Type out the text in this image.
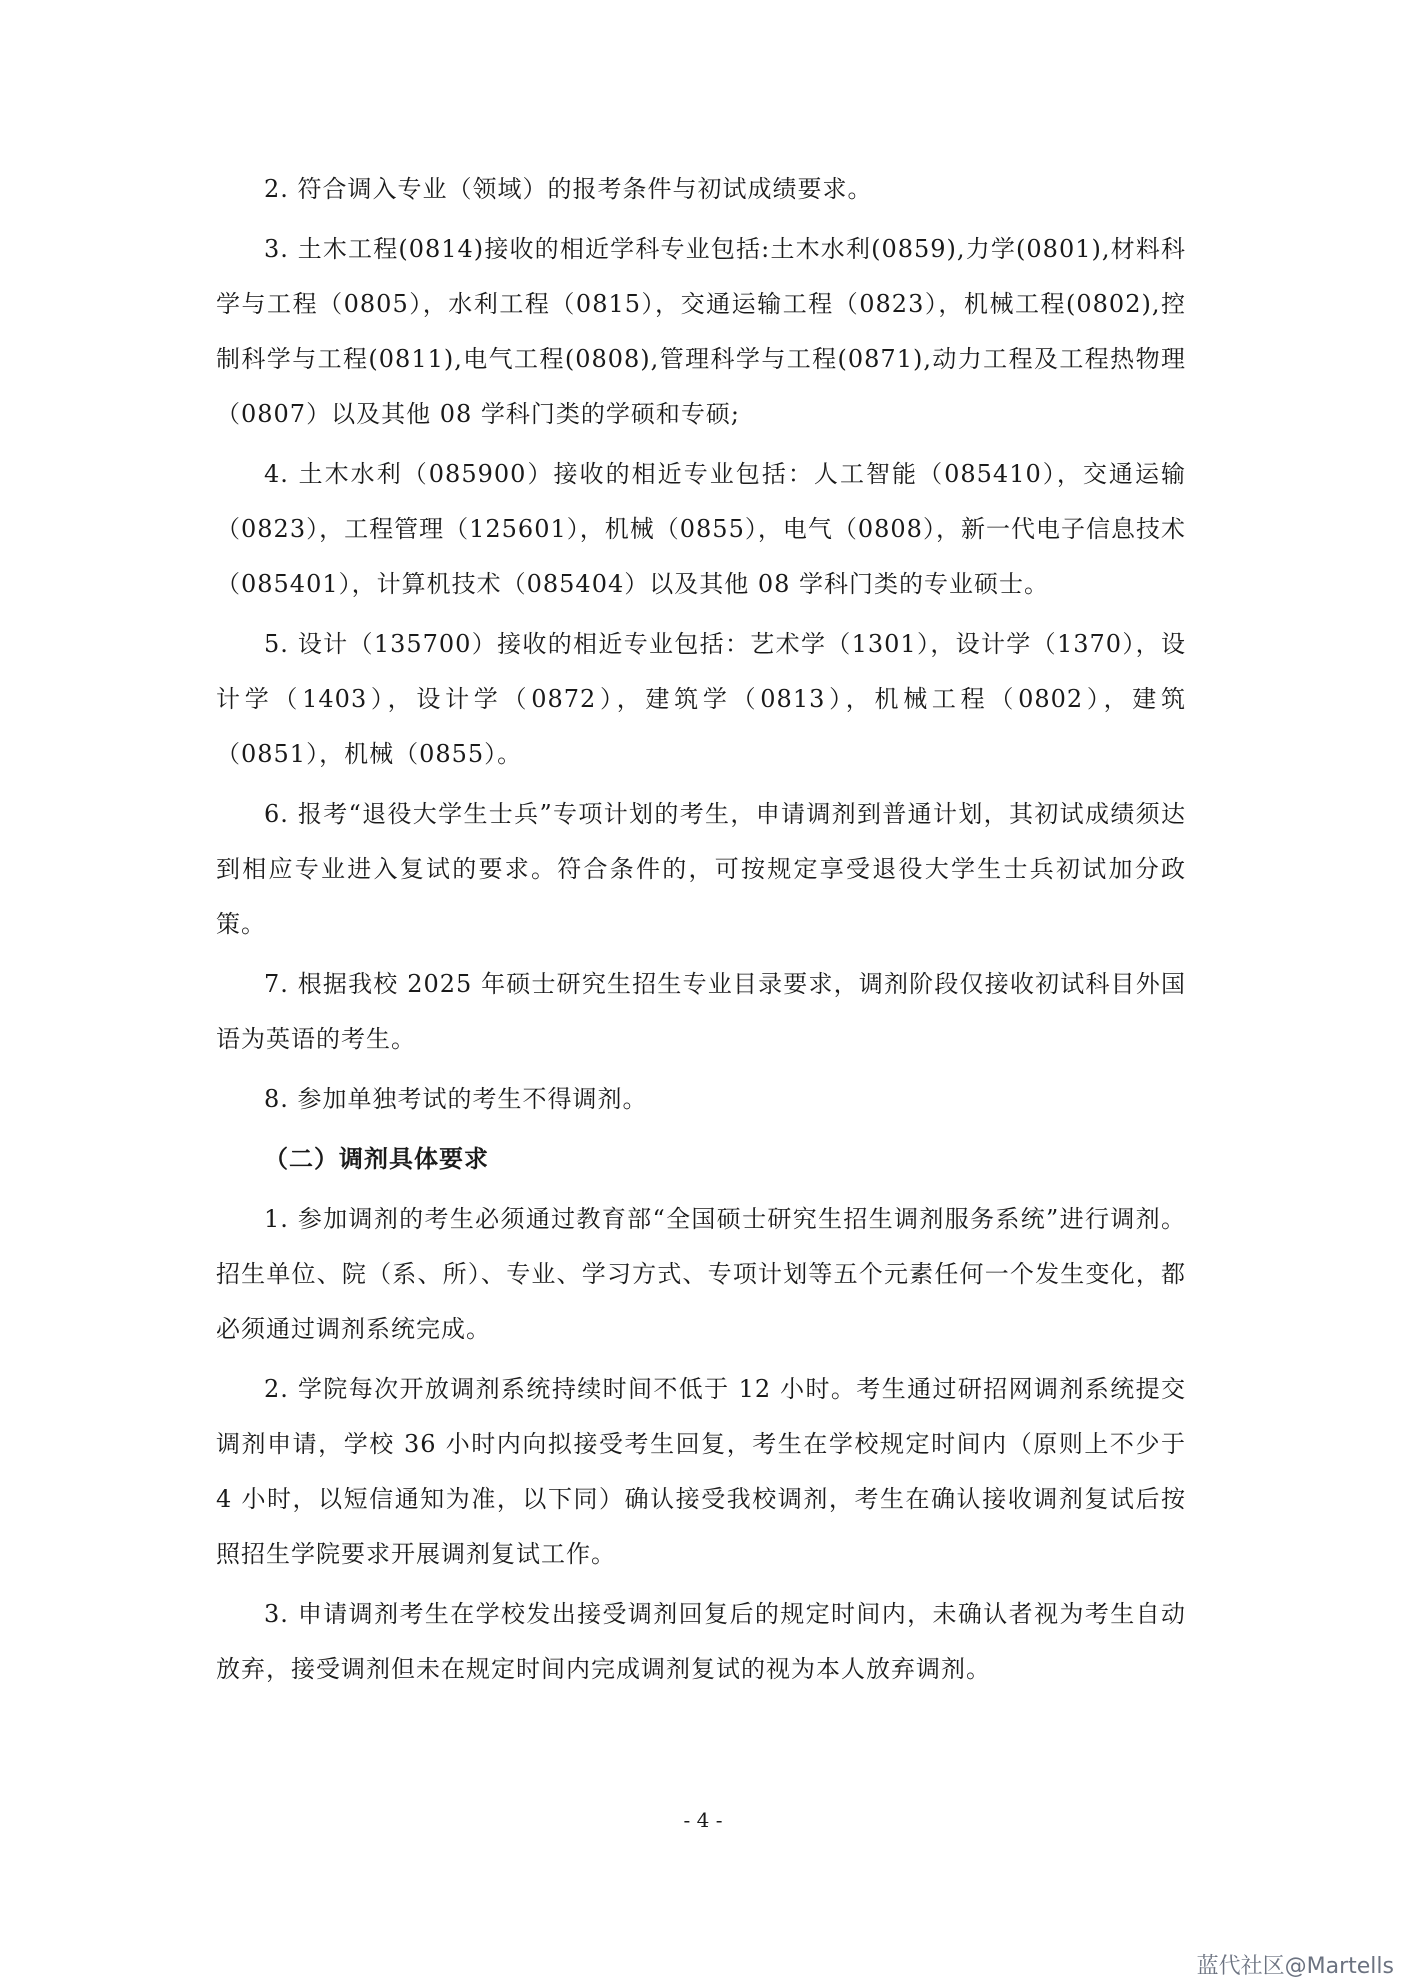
2. 符合调入专业（领域）的报考条件与初试成绩要求。

3. 土木工程(0814)接收的相近学科专业包括:土木水利(0859),力学(0801),材料科学与工程（0805），水利工程（0815），交通运输工程（0823），机械工程(0802),控制科学与工程(0811),电气工程(0808),管理科学与工程(0871),动力工程及工程热物理（0807）以及其他 08 学科门类的学硕和专硕;

4. 土木水利（085900）接收的相近专业包括：人工智能（085410），交通运输（0823），工程管理（125601），机械（0855），电气（0808），新一代电子信息技术（085401），计算机技术（085404）以及其他 08 学科门类的专业硕士。

5. 设计（135700）接收的相近专业包括：艺术学（1301），设计学（1370），设计学（1403），设计学（0872），建筑学（0813），机械工程（0802），建筑（0851），机械（0855）。

6. 报考“退役大学生士兵”专项计划的考生，申请调剂到普通计划，其初试成绩须达到相应专业进入复试的要求。符合条件的，可按规定享受退役大学生士兵初试加分政策。

7. 根据我校 2025 年硕士研究生招生专业目录要求，调剂阶段仅接收初试科目外国语为英语的考生。

8. 参加单独考试的考生不得调剂。

（二）调剂具体要求

1. 参加调剂的考生必须通过教育部“全国硕士研究生招生调剂服务系统”进行调剂。招生单位、院（系、所）、专业、学习方式、专项计划等五个元素任何一个发生变化，都必须通过调剂系统完成。

2. 学院每次开放调剂系统持续时间不低于 12 小时。考生通过研招网调剂系统提交调剂申请，学校 36 小时内向拟接受考生回复，考生在学校规定时间内（原则上不少于 4 小时，以短信通知为准，以下同）确认接受我校调剂，考生在确认接收调剂复试后按照招生学院要求开展调剂复试工作。

3. 申请调剂考生在学校发出接受调剂回复后的规定时间内，未确认者视为考生自动放弃，接受调剂但未在规定时间内完成调剂复试的视为本人放弃调剂。

- 4 -
蓝代社区@Martells
